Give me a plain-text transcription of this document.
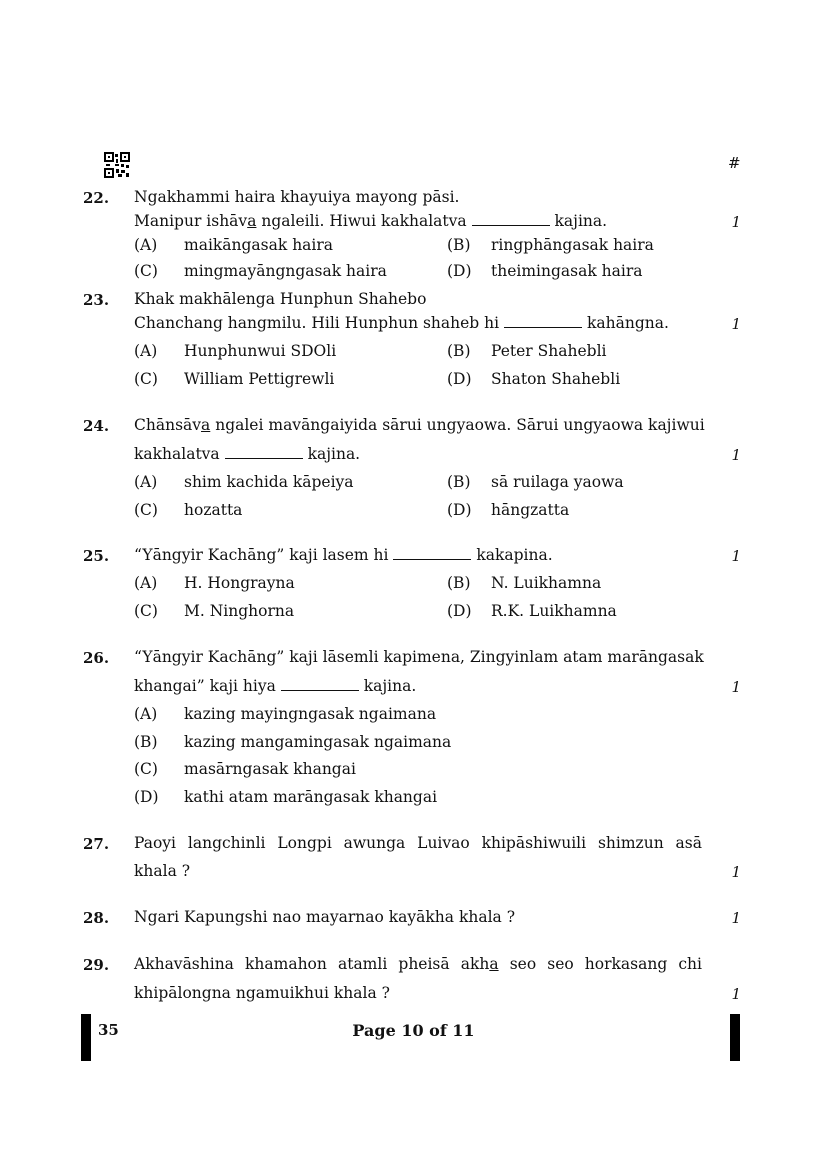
#
22. Ngakhammi haira khayuiya mayong pāsi.
Manipur ishāva ngaleili. Hiwui kakhalatva	kajina.	1
(A) maikāngasak haira	(B) ringphāngasak haira
(C) mingmayāngngasak haira	(D) theimingasak haira
23. Khak makhālenga Hunphun Shahebo
Chanchang hangmilu. Hili Hunphun shaheb hi	kahāngna.	1
(A) Hunphunwui SDOli	(B) Peter Shahebli
(C) William Pettigrewli	(D) Shaton Shahebli
24. Chānsāva ngalei mavāngaiyida sārui ungyaowa. Sārui ungyaowa kajiwui
kakhalatva	kajina.	1
(A) shim kachida kāpeiya	(B) sā ruilaga yaowa
(C) hozatta	(D) hāngzatta
25. “Yāngyir Kachāng” kaji lasem hi	kakapina.	1
(A) H. Hongrayna	(B) N. Luikhamna
(C) M. Ninghorna	(D) R.K. Luikhamna
26. “Yāngyir Kachāng” kaji lāsemli kapimena, Zingyinlam atam marāngasak
khangai” kaji hiya	kajina.	1
(A) kazing mayingngasak ngaimana
(B) kazing mangamingasak ngaimana
(C) masārngasak khangai
(D) kathi atam marāngasak khangai
27. Paoyi langchinli Longpi awunga Luivao khipāshiwuili shimzun asā
khala ?	1
28. Ngari Kapungshi nao mayarnao kayākha khala ?	1
29. Akhavāshina khamahon atamli pheisā akha seo seo horkasang chi
khipālongna ngamuikhui khala ?	1
35	Page 10 of 11
